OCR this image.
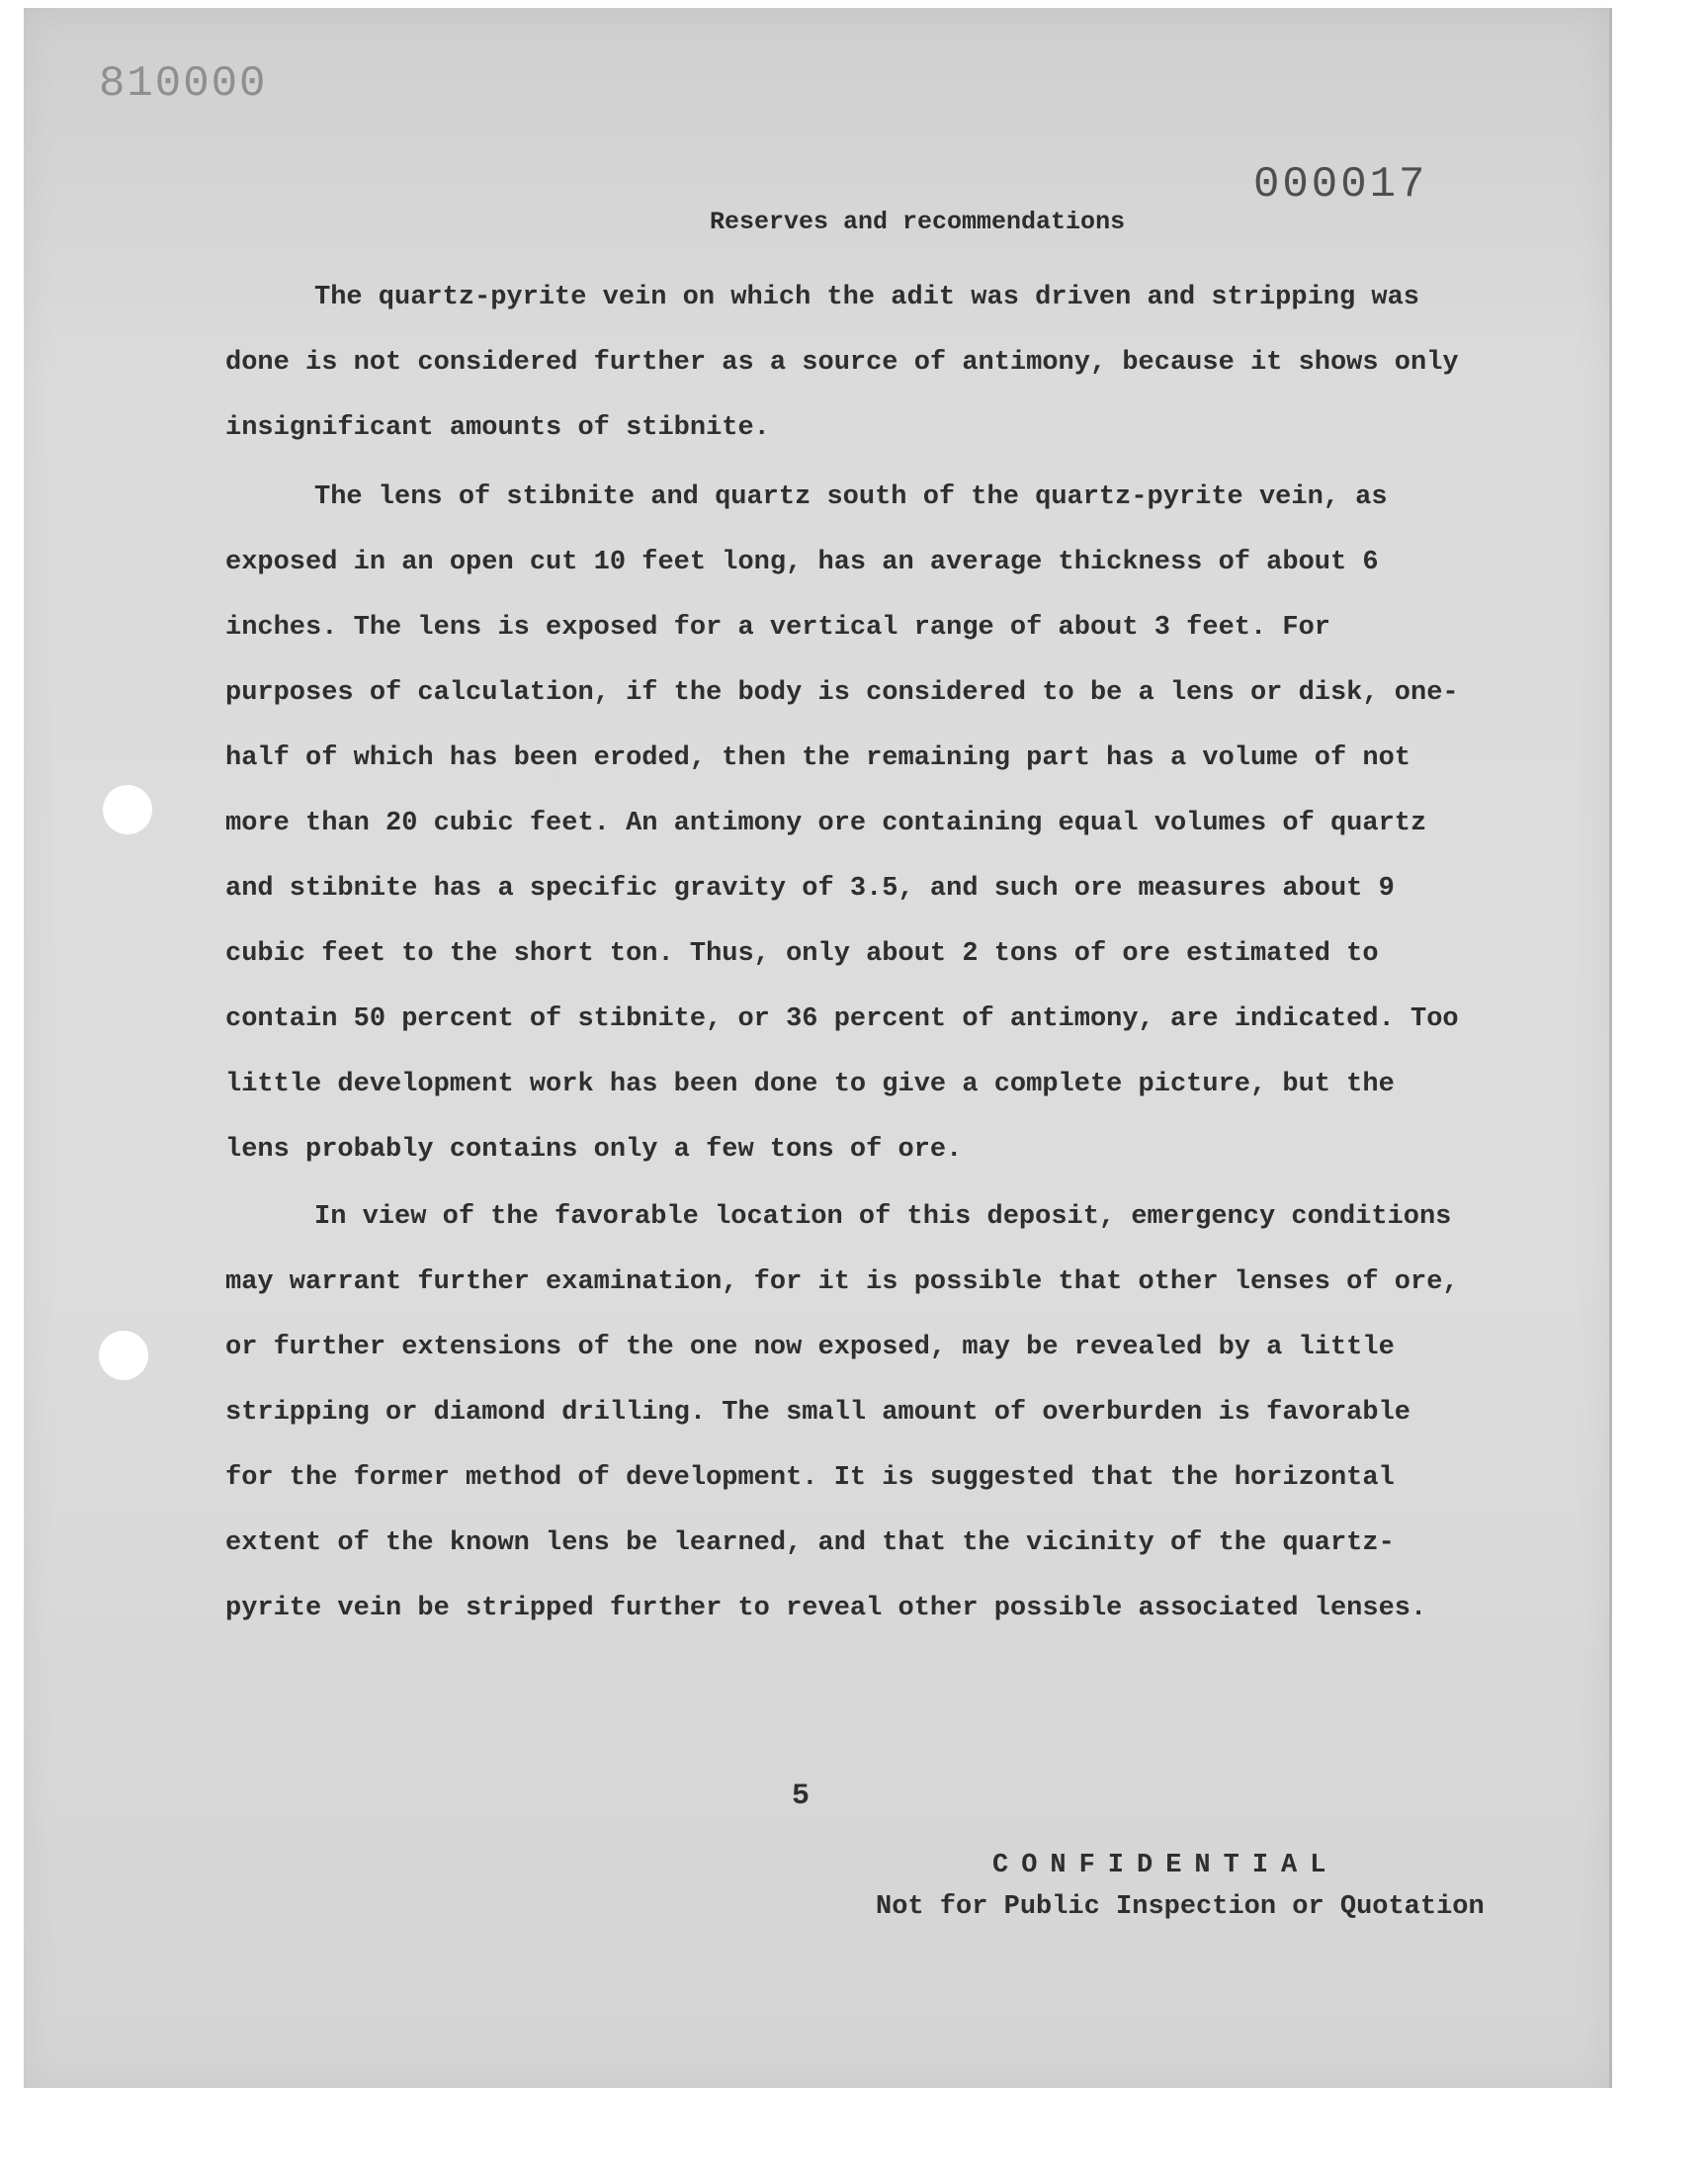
810000
000017
Reserves and recommendations

The quartz-pyrite vein on which the adit was driven and stripping was done is not considered further as a source of antimony, because it shows only insignificant amounts of stibnite.

The lens of stibnite and quartz south of the quartz-pyrite vein, as exposed in an open cut 10 feet long, has an average thickness of about 6 inches. The lens is exposed for a vertical range of about 3 feet. For purposes of calculation, if the body is considered to be a lens or disk, one-half of which has been eroded, then the remaining part has a volume of not more than 20 cubic feet. An antimony ore containing equal volumes of quartz and stibnite has a specific gravity of 3.5, and such ore measures about 9 cubic feet to the short ton. Thus, only about 2 tons of ore estimated to contain 50 percent of stibnite, or 36 percent of antimony, are indicated. Too little development work has been done to give a complete picture, but the lens probably contains only a few tons of ore.

In view of the favorable location of this deposit, emergency conditions may warrant further examination, for it is possible that other lenses of ore, or further extensions of the one now exposed, may be revealed by a little stripping or diamond drilling. The small amount of overburden is favorable for the former method of development. It is suggested that the horizontal extent of the known lens be learned, and that the vicinity of the quartz-pyrite vein be stripped further to reveal other possible associated lenses.

5
CONFIDENTIAL
Not for Public Inspection or Quotation
